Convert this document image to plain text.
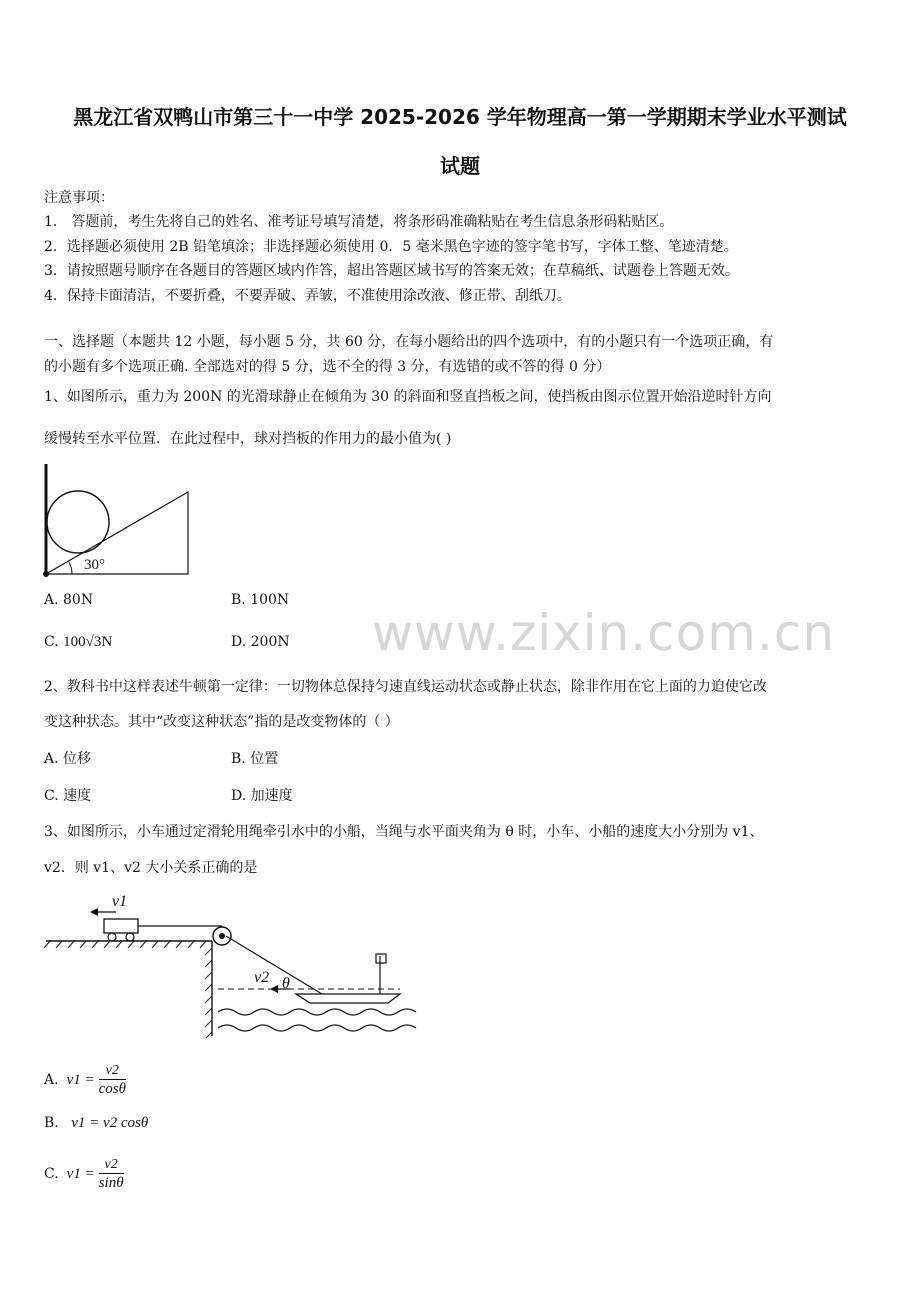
黑龙江省双鸭山市第三十一中学 2025-2026 学年物理高一第一学期期末学业水平测试
试题
注意事项：
1． 答题前，考生先将自己的姓名、准考证号填写清楚，将条形码准确粘贴在考生信息条形码粘贴区。
2．选择题必须使用 2B 铅笔填涂；非选择题必须使用 0．5 毫米黑色字迹的签字笔书写，字体工整、笔迹清楚。
3．请按照题号顺序在各题目的答题区域内作答，超出答题区域书写的答案无效；在草稿纸、试题卷上答题无效。
4．保持卡面清洁，不要折叠，不要弄破、弄皱，不准使用涂改液、修正带、刮纸刀。
一、选择题（本题共 12 小题，每小题 5 分，共 60 分，在每小题给出的四个选项中，有的小题只有一个选项正确，有
的小题有多个选项正确. 全部选对的得 5 分，选不全的得 3 分，有选错的或不答的得 0 分）
1、如图所示，重力为 200N 的光滑球静止在倾角为 30 的斜面和竖直挡板之间，使挡板由图示位置开始沿逆时针方向
缓慢转至水平位置．在此过程中，球对挡板的作用力的最小值为( )
30°
A. 80N	B. 100N
C. 100√3N	D. 200N www.zixin.com.cn
2、教科书中这样表述牛顿第一定律：一切物体总保持匀速直线运动状态或静止状态，除非作用在它上面的力迫使它改
变这种状态。其中“改变这种状态”指的是改变物体的（ ）
A. 位移	B. 位置
C. 速度	D. 加速度
3、如图所示，小车通过定滑轮用绳牵引水中的小船，当绳与水平面夹角为 θ 时，小车、小船的速度大小分别为 v1、
v2．则 v1、v2 大小关系正确的是
v1
v2 θ
A. $v1 = \frac{v2}{\cos\theta}$
B. v1 = v2 cosθ
C. $v1 = \frac{v2}{\sin\theta}$
